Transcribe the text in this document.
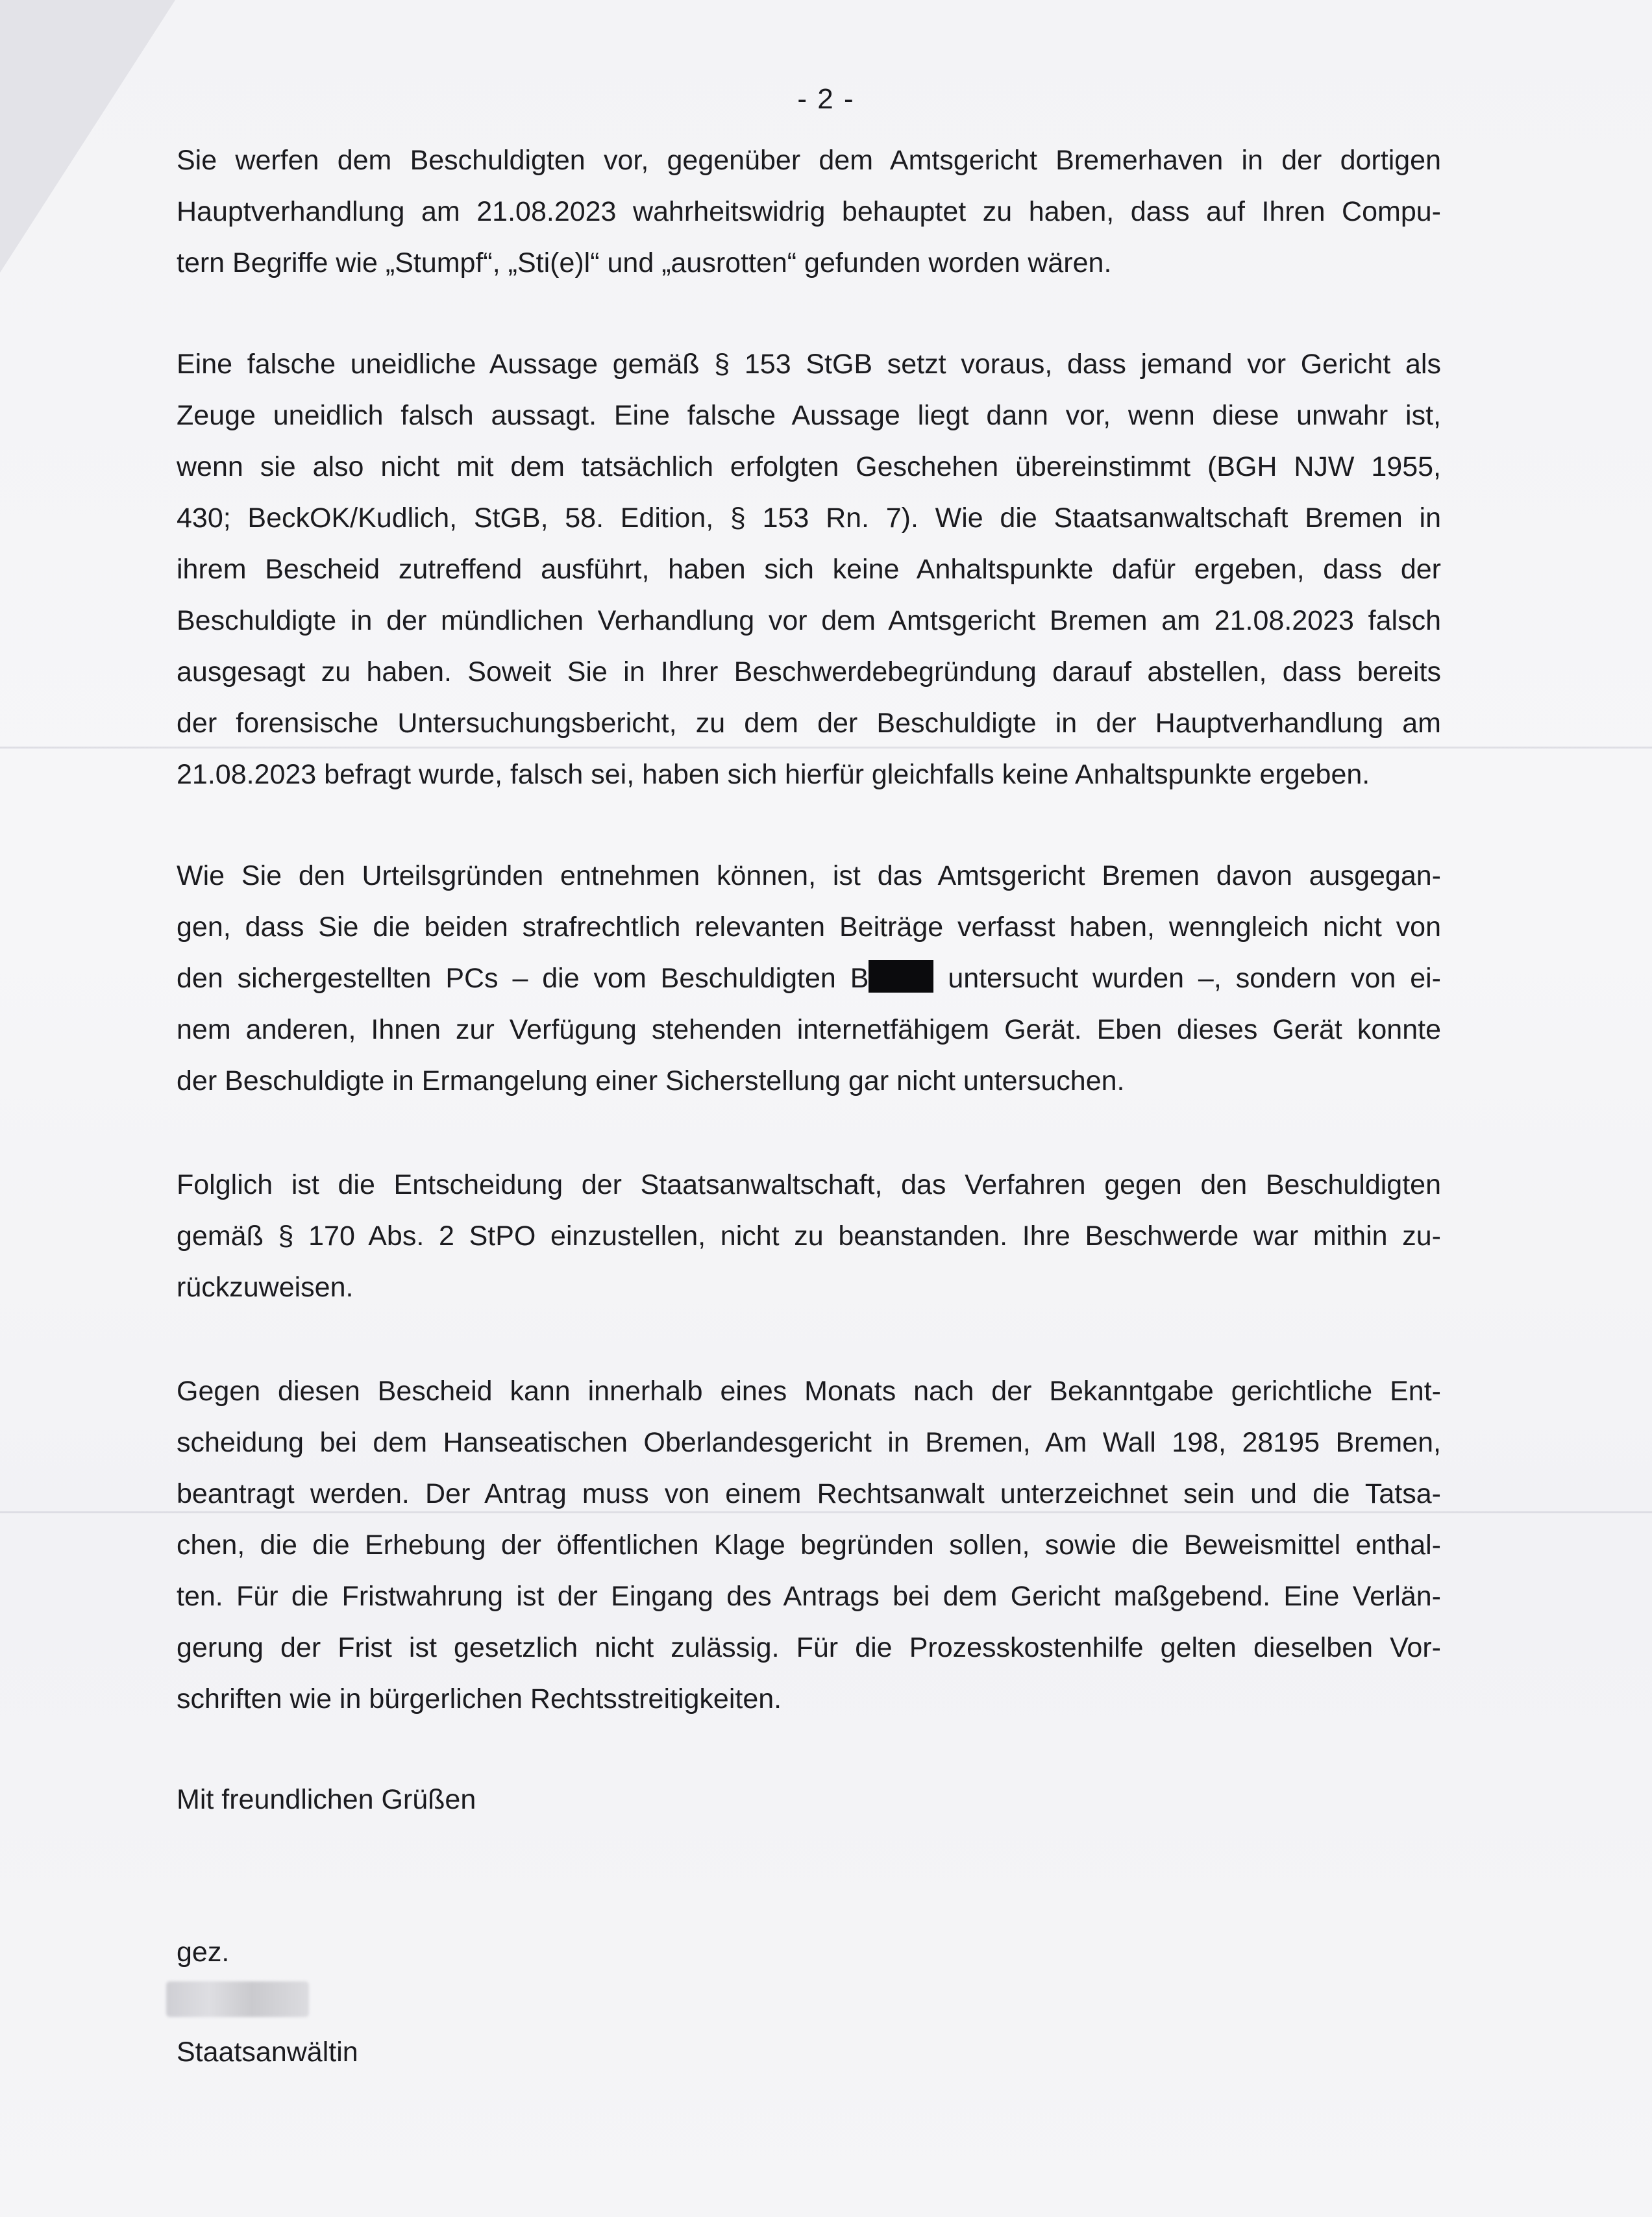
- 2 -
Sie werfen dem Beschuldigten vor, gegenüber dem Amtsgericht Bremerhaven in der dortigen
Hauptverhandlung am 21.08.2023 wahrheitswidrig behauptet zu haben, dass auf Ihren Compu-
tern Begriffe wie „Stumpf“, „Sti(e)l“ und „ausrotten“ gefunden worden wären.
Eine falsche uneidliche Aussage gemäß § 153 StGB setzt voraus, dass jemand vor Gericht als
Zeuge uneidlich falsch aussagt. Eine falsche Aussage liegt dann vor, wenn diese unwahr ist,
wenn sie also nicht mit dem tatsächlich erfolgten Geschehen übereinstimmt (BGH NJW 1955,
430; BeckOK/Kudlich, StGB, 58. Edition, § 153 Rn. 7). Wie die Staatsanwaltschaft Bremen in
ihrem Bescheid zutreffend ausführt, haben sich keine Anhaltspunkte dafür ergeben, dass der
Beschuldigte in der mündlichen Verhandlung vor dem Amtsgericht Bremen am 21.08.2023 falsch
ausgesagt zu haben. Soweit Sie in Ihrer Beschwerdebegründung darauf abstellen, dass bereits
der forensische Untersuchungsbericht, zu dem der Beschuldigte in der Hauptverhandlung am
21.08.2023 befragt wurde, falsch sei, haben sich hierfür gleichfalls keine Anhaltspunkte ergeben.
Wie Sie den Urteilsgründen entnehmen können, ist das Amtsgericht Bremen davon ausgegan-
gen, dass Sie die beiden strafrechtlich relevanten Beiträge verfasst haben, wenngleich nicht von
den sichergestellten PCs – die vom Beschuldigten B	untersucht wurden –, sondern von ei-
nem anderen, Ihnen zur Verfügung stehenden internetfähigem Gerät. Eben dieses Gerät konnte
der Beschuldigte in Ermangelung einer Sicherstellung gar nicht untersuchen.
Folglich ist die Entscheidung der Staatsanwaltschaft, das Verfahren gegen den Beschuldigten
gemäß § 170 Abs. 2 StPO einzustellen, nicht zu beanstanden. Ihre Beschwerde war mithin zu-
rückzuweisen.
Gegen diesen Bescheid kann innerhalb eines Monats nach der Bekanntgabe gerichtliche Ent-
scheidung bei dem Hanseatischen Oberlandesgericht in Bremen, Am Wall 198, 28195 Bremen,
beantragt werden. Der Antrag muss von einem Rechtsanwalt unterzeichnet sein und die Tatsa-
chen, die die Erhebung der öffentlichen Klage begründen sollen, sowie die Beweismittel enthal-
ten. Für die Fristwahrung ist der Eingang des Antrags bei dem Gericht maßgebend. Eine Verlän-
gerung der Frist ist gesetzlich nicht zulässig. Für die Prozesskostenhilfe gelten dieselben Vor-
schriften wie in bürgerlichen Rechtsstreitigkeiten.
Mit freundlichen Grüßen
gez.
Staatsanwältin
